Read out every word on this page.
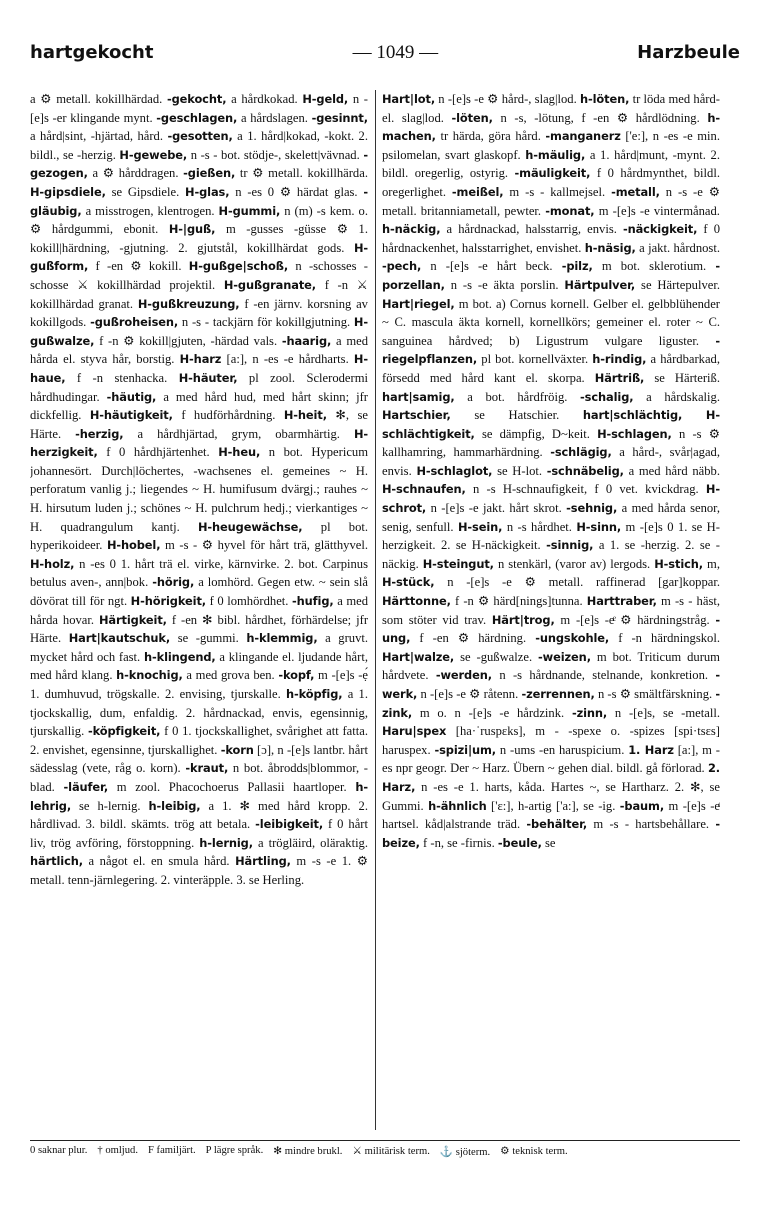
hartgekocht	— 1049 —	Harzbeule

a ⚙ metall. kokillhärdad. -gekocht, a hårdkokad. H-geld, n -[e]s -er klingande mynt. -geschlagen, a hårdslagen. -gesinnt, a hård|sint, -hjärtad, hård. -gesotten, a 1. hård|kokad, -kokt. 2. bildl., se -herzig. H-gewebe, n -s - bot. stödje-, skelett|vävnad. -gezogen, a ⚙ hårddragen. -gießen, tr ⚙ metall. kokillhärda. H-gipsdiele, se Gipsdiele. H-glas, n -es 0 ⚙ härdat glas. -gläubig, a misstrogen, klentrogen. H-gummi, n (m) -s kem. o. ⚙ hårdgummi, ebonit. H-|guß, m -gusses -güsse ⚙ 1. kokill|härdning, -gjutning. 2. gjutstål, kokillhärdat gods. H-gußform, f -en ⚙ kokill. H-gußge|schoß, n -schosses -schosse ⚔ kokillhärdad projektil. H-gußgranate, f -n ⚔ kokillhärdad granat. H-gußkreuzung, f -en järnv. korsning av kokillgods. -gußroheisen, n -s - tackjärn för kokillgjutning. H-gußwalze, f -n ⚙ kokill|gjuten, -härdad vals. -haarig, a med hårda el. styva hår, borstig. H-harz [a:], n -es -e hårdharts. H-haue, f -n stenhacka. H-häuter, pl zool. Sclerodermi hårdhudingar. -häutig, a med hård hud, med hårt skinn; jfr dickfellig. H-häutigkeit, f hudförhårdning. H-heit, ✻, se Härte. -herzig, a hårdhjärtad, grym, obarmhärtig. H-herzigkeit, f 0 hårdhjärtenhet. H-heu, n bot. Hypericum johannesört. Durch|löchertes, -wachsenes el. gemeines ~ H. perforatum vanlig j.; liegendes ~ H. humifusum dvärgj.; rauhes ~ H. hirsutum luden j.; schönes ~ H. pulchrum hedj.; vierkantiges ~ H. quadrangulum kantj. H-heugewächse, pl bot. hyperikoideer. H-hobel, m -s - ⚙ hyvel för hårt trä, glätthyvel. H-holz, n -es 0 1. hårt trä el. virke, kärnvirke. 2. bot. Carpinus betulus aven-, ann|bok. -hörig, a lomhörd. Gegen etw. ~ sein slå dövörat till för ngt. H-hörigkeit, f 0 lomhördhet. -hufig, a med hårda hovar. Härtigkeit, f -en ✻ bibl. hårdhet, förhärdelse; jfr Härte. Hart|kautschuk, se -gummi. h-klemmig, a gruvt. mycket hård och fast. h-klingend, a klingande el. ljudande hårt, med hård klang. h-knochig, a med grova ben. -kopf, m -[e]s -ẹ́ 1. dumhuvud, trögskalle. 2. envising, tjurskalle. h-köpfig, a 1. tjockskallig, dum, enfaldig. 2. hårdnackad, envis, egensinnig, tjurskallig. -köpfigkeit, f 0 1. tjockskallighet, svårighet att fatta. 2. envishet, egensinne, tjurskallighet. -korn [ɔ], n -[e]s lantbr. hårt sädesslag (vete, råg o. korn). -kraut, n bot. åbrodds|blommor, -blad. -läufer, m zool. Phacochoerus Pallasii haartloper. h-lehrig, se h-lernig. h-leibig, a 1. ✻ med hård kropp. 2. hårdlivad. 3. bildl. skämts. trög att betala. -leibigkeit, f 0 hårt liv, trög avföring, förstoppning. h-lernig, a trögläird, oläraktig. härtlich, a något el. en smula hård. Härtling, m -s -e 1. ⚙ metall. tenn-järnlegering. 2. vinteräpple. 3. se Herling.

Hart|lot, n -[e]s -e ⚙ hård-, slag|lod. h-löten, tr löda med hård- el. slag|lod. -löten, n -s, -lötung, f -en ⚙ hårdlödning. h-machen, tr härda, göra hård. -manganerz ['e:], n -es -e min. psilomelan, svart glaskopf. h-mäulig, a 1. hård|munt, -mynt. 2. bildl. oregerlig, ostyrig. -mäuligkeit, f 0 hårdmynthet, bildl. oregerlighet. -meißel, m -s - kallmejsel. -metall, n -s -e ⚙ metall. britanniametall, pewter. -monat, m -[e]s -e vintermånad. h-näckig, a hårdnackad, halsstarrig, envis. -näckigkeit, f 0 hårdnackenhet, halsstarrighet, envishet. h-näsig, a jakt. hårdnost. -pech, n -[e]s -e hårt beck. -pilz, m bot. sklerotium. -porzellan, n -s -e äkta porslin. Härtpulver, se Härtepulver. Hart|riegel, m bot. a) Cornus kornell. Gelber el. gelbblühender ~ C. mascula äkta kornell, kornellkörs; gemeiner el. roter ~ C. sanguinea hårdved; b) Ligustrum vulgare liguster. -riegelpflanzen, pl bot. kornellväxter. h-rindig, a hårdbarkad, försedd med hård kant el. skorpa. Härtriß, se Härteriß. hart|samig, a bot. hårdfröig. -schalig, a hårdskalig. Hartschier, se Hatschier. hart|schlächtig, H-schlächtigkeit, se dämpfig, D~keit. H-schlagen, n -s ⚙ kallhamring, hammarhärdning. -schlägig, a hård-, svår|agad, envis. H-schlaglot, se H-lot. -schnäbelig, a med hård näbb. H-schnaufen, n -s H-schnaufigkeit, f 0 vet. kvickdrag. H-schrot, n -[e]s -e jakt. hårt skrot. -sehnig, a med hårda senor, senig, senfull. H-sein, n -s hårdhet. H-sinn, m -[e]s 0 1. se H-herzigkeit. 2. se H-näckigkeit. -sinnig, a 1. se -herzig. 2. se -näckig. H-steingut, n stenkärl, (varor av) lergods. H-stich, m, H-stück, n -[e]s -e ⚙ metall. raffinerad [gar]koppar. Härttonne, f -n ⚙ härd[nings]tunna. Harttraber, m -s - häst, som stöter vid trav. Härt|trog, m -[e]s -eͤ ⚙ härdningstråg. -ung, f -en ⚙ härdning. -ungskohle, f -n härdningskol. Hart|walze, se -gußwalze. -weizen, m bot. Triticum durum hårdvete. -werden, n -s hårdnande, stelnande, konkretion. -werk, n -[e]s -e ⚙ råtenn. -zerrennen, n -s ⚙ smältfärskning. -zink, m o. n -[e]s -e hårdzink. -zinn, n -[e]s, se -metall. Haru|spex [ha·ˈruspɛks], m - -spexe o. -spizes [spi·tsɛs] haruspex. -spizi|um, n -ums -en haruspicium. 1. Harz [a:], m -es npr geogr. Der ~ Harz. Übern ~ gehen dial. bildl. gå förlorad. 2. Harz, n -es -e 1. harts, kåda. Hartes ~, se Hartharz. 2. ✻, se Gummi. h-ähnlich ['ɛ:], h-artig ['a:], se -ig. -baum, m -[e]s -eͤ hartsel. kåd|alstrande träd. -behälter, m -s - hartsbehållare. -beize, f -n, se -firnis. -beule, se

0 saknar plur. † omljud. F familjärt. P lägre språk. ✻ mindre brukl. ⚔ militärisk term. ⚓ sjöterm. ⚙ teknisk term.
